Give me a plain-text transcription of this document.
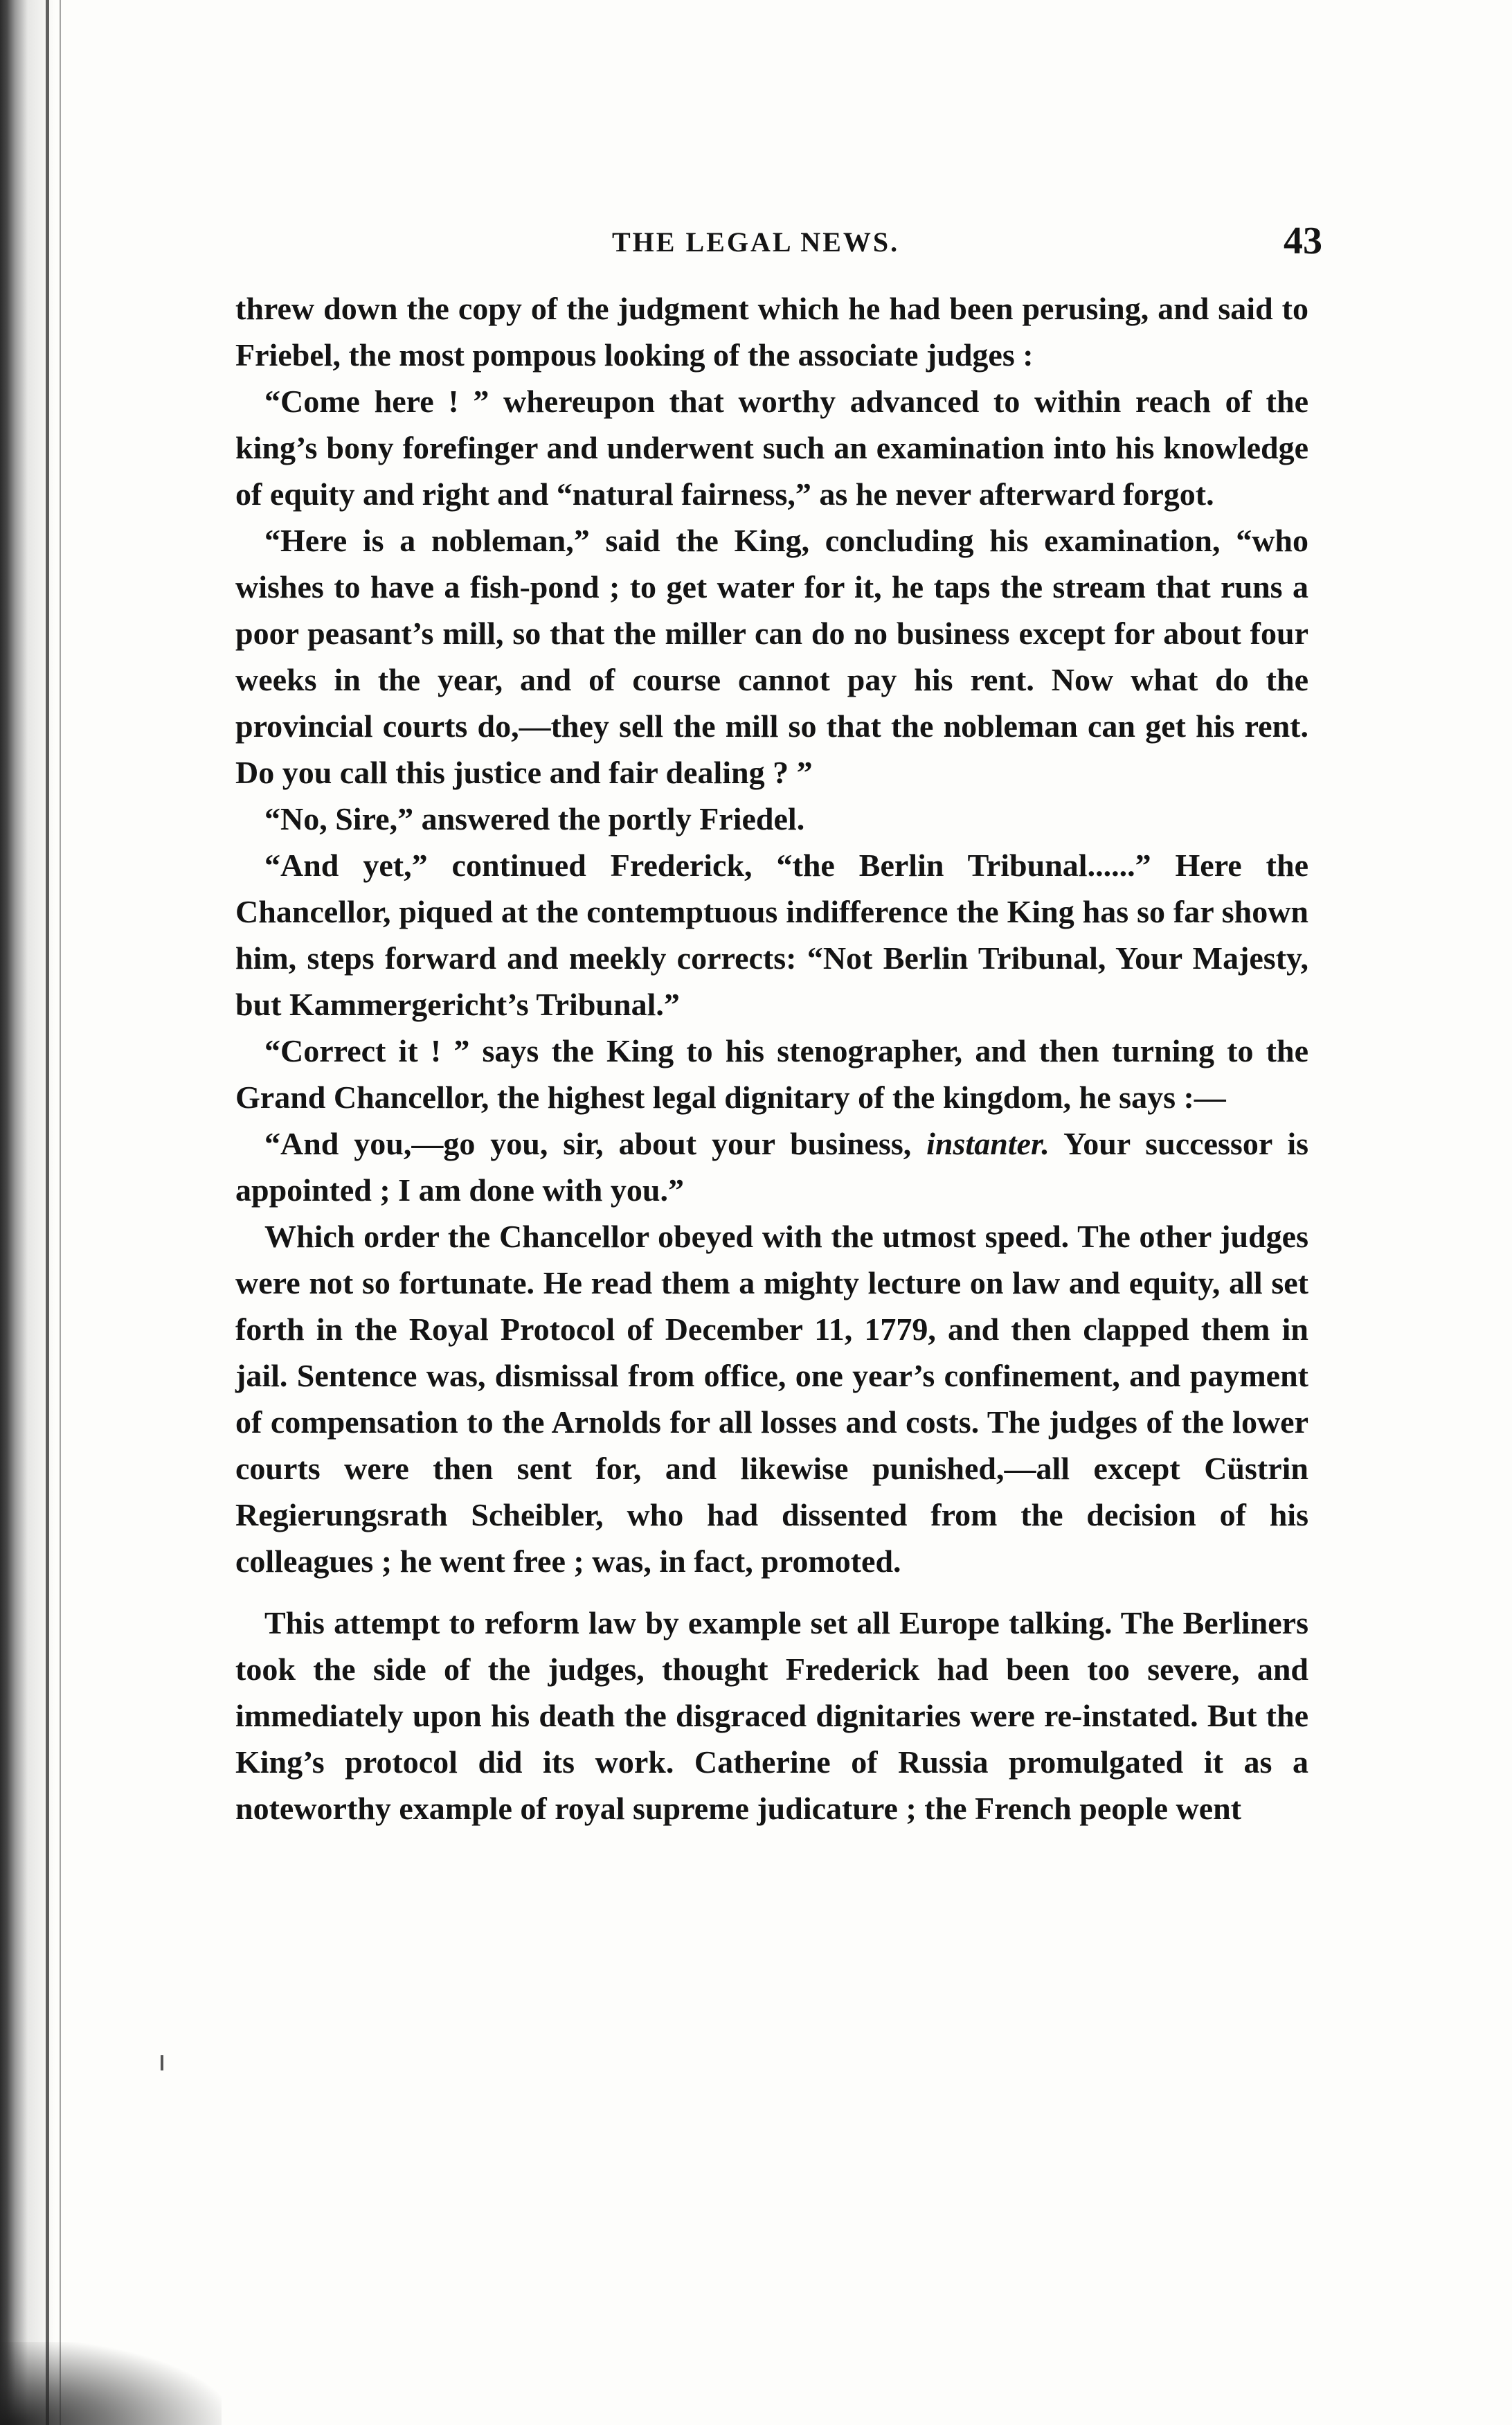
THE LEGAL NEWS.	43

threw down the copy of the judgment which he had been perusing, and said to Friebel, the most pompous looking of the associate judges :

“Come here ! ” whereupon that worthy advanced to within reach of the king’s bony forefinger and underwent such an examination into his knowledge of equity and right and “natural fairness,” as he never afterward forgot.

“Here is a nobleman,” said the King, concluding his examination, “who wishes to have a fish-pond ; to get water for it, he taps the stream that runs a poor peasant’s mill, so that the miller can do no business except for about four weeks in the year, and of course cannot pay his rent. Now what do the provincial courts do,—they sell the mill so that the nobleman can get his rent. Do you call this justice and fair dealing ? ”

“No, Sire,” answered the portly Friedel.

“And yet,” continued Frederick, “the Berlin Tribunal......” Here the Chancellor, piqued at the contemptuous indifference the King has so far shown him, steps forward and meekly corrects: “Not Berlin Tribunal, Your Majesty, but Kammergericht’s Tribunal.”

“Correct it ! ” says the King to his stenographer, and then turning to the Grand Chancellor, the highest legal dignitary of the kingdom, he says :—

“And you,—go you, sir, about your business, instanter. Your successor is appointed ; I am done with you.”

Which order the Chancellor obeyed with the utmost speed. The other judges were not so fortunate. He read them a mighty lecture on law and equity, all set forth in the Royal Protocol of December 11, 1779, and then clapped them in jail. Sentence was, dismissal from office, one year’s confinement, and payment of compensation to the Arnolds for all losses and costs. The judges of the lower courts were then sent for, and likewise punished,—all except Cüstrin Regierungsrath Scheibler, who had dissented from the decision of his colleagues ; he went free ; was, in fact, promoted.

This attempt to reform law by example set all Europe talking. The Berliners took the side of the judges, thought Frederick had been too severe, and immediately upon his death the disgraced dignitaries were re-instated. But the King’s protocol did its work. Catherine of Russia promulgated it as a noteworthy example of royal supreme judicature ; the French people went
